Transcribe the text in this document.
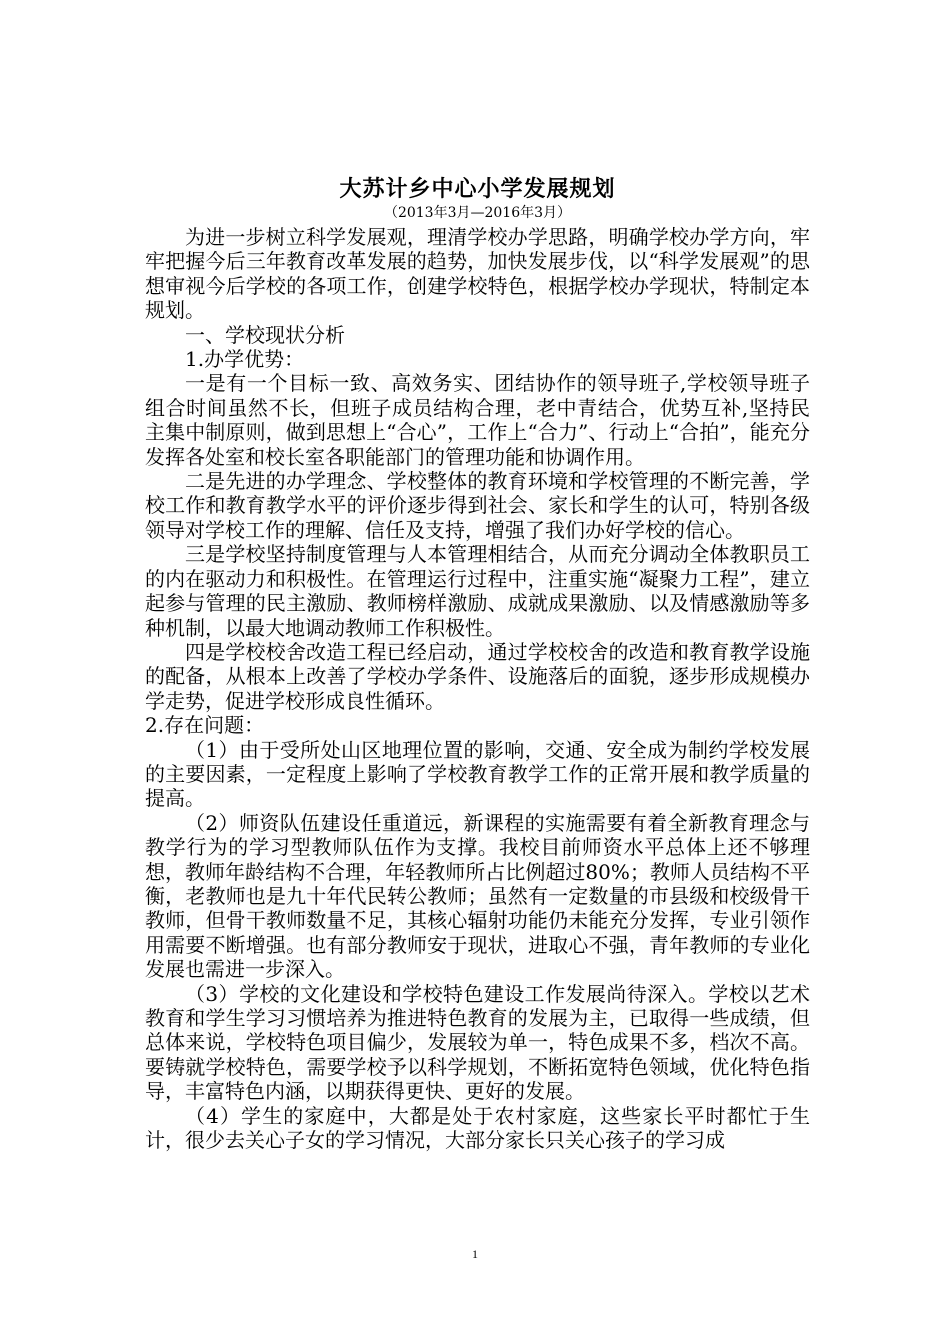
大苏计乡中心小学发展规划

（2013年3月—2016年3月）

为进一步树立科学发展观，理清学校办学思路，明确学校办学方向，牢牢把握今后三年教育改革发展的趋势，加快发展步伐，以“科学发展观”的思想审视今后学校的各项工作，创建学校特色，根据学校办学现状，特制定本规划。

一、学校现状分析

1.办学优势：

一是有一个目标一致、高效务实、团结协作的领导班子,学校领导班子组合时间虽然不长，但班子成员结构合理，老中青结合，优势互补,坚持民主集中制原则，做到思想上“合心”，工作上“合力”、行动上“合拍”，能充分发挥各处室和校长室各职能部门的管理功能和协调作用。

二是先进的办学理念、学校整体的教育环境和学校管理的不断完善，学校工作和教育教学水平的评价逐步得到社会、家长和学生的认可，特别各级领导对学校工作的理解、信任及支持，增强了我们办好学校的信心。

三是学校坚持制度管理与人本管理相结合，从而充分调动全体教职员工的内在驱动力和积极性。在管理运行过程中，注重实施“凝聚力工程”，建立起参与管理的民主激励、教师榜样激励、成就成果激励、以及情感激励等多种机制，以最大地调动教师工作积极性。

四是学校校舍改造工程已经启动，通过学校校舍的改造和教育教学设施的配备，从根本上改善了学校办学条件、设施落后的面貌，逐步形成规模办学走势，促进学校形成良性循环。

2.存在问题：

（1）由于受所处山区地理位置的影响，交通、安全成为制约学校发展的主要因素，一定程度上影响了学校教育教学工作的正常开展和教学质量的提高。

（2）师资队伍建设任重道远，新课程的实施需要有着全新教育理念与教学行为的学习型教师队伍作为支撑。我校目前师资水平总体上还不够理想，教师年龄结构不合理，年轻教师所占比例超过80%；教师人员结构不平衡，老教师也是九十年代民转公教师；虽然有一定数量的市县级和校级骨干教师，但骨干教师数量不足，其核心辐射功能仍未能充分发挥，专业引领作用需要不断增强。也有部分教师安于现状，进取心不强，青年教师的专业化发展也需进一步深入。

（3）学校的文化建设和学校特色建设工作发展尚待深入。学校以艺术教育和学生学习习惯培养为推进特色教育的发展为主，已取得一些成绩，但总体来说，学校特色项目偏少，发展较为单一，特色成果不多，档次不高。要铸就学校特色，需要学校予以科学规划，不断拓宽特色领域，优化特色指导，丰富特色内涵，以期获得更快、更好的发展。

（4）学生的家庭中，大都是处于农村家庭，这些家长平时都忙于生计，很少去关心子女的学习情况，大部分家长只关心孩子的学习成

1
